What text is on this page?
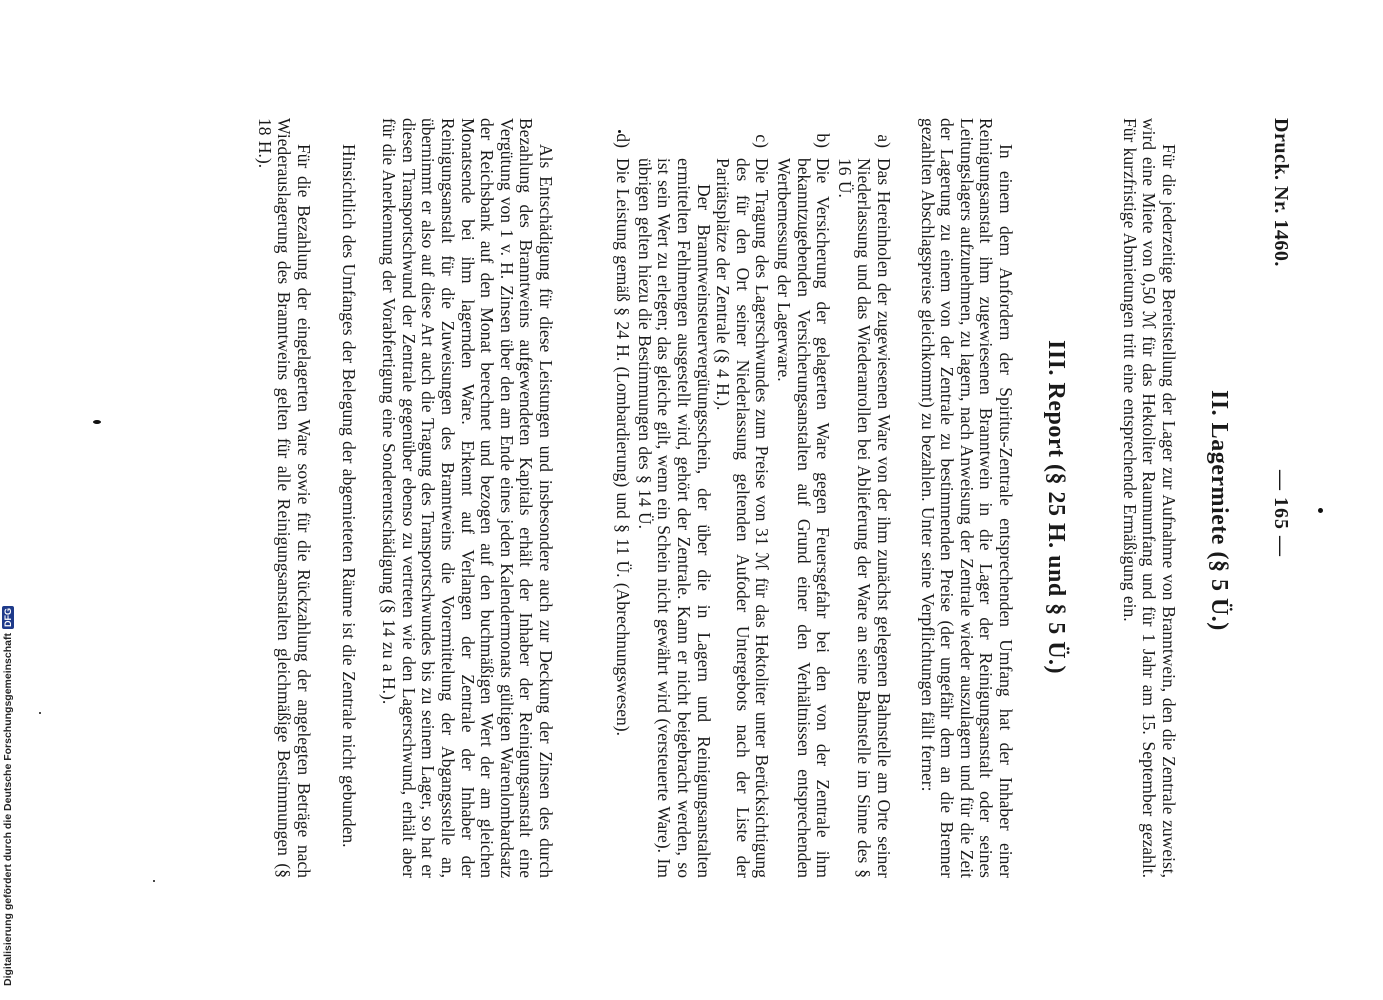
Druck. Nr. 1460.
— 165 —
II. Lagermiete (§ 5 Ü.)
Für die jederzeitige Bereitstellung der Lager zur Aufnahme von Branntwein, den die Zentrale zuweist, wird eine Miete von 0,50 ℳ für das Hektoliter Raumumfang und für 1 Jahr am 15. September gezahlt. Für kurzfristige Abmietungen tritt eine entsprechende Ermäßigung ein.
III. Report (§ 25 H. und § 5 Ü.)
In einem dem Anfordern der Spiritus-Zentrale entsprechenden Umfang hat der Inhaber einer Reinigungsanstalt ihm zugewiesenen Branntwein in die Lager der Reinigungsanstalt oder seines Leitungslagers aufzunehmen, zu lagern, nach Anweisung der Zentrale wieder auszulagern und für die Zeit der Lagerung zu einem von der Zentrale zu bestimmenden Preise (der ungefähr dem an die Brenner gezahlten Abschlagspreise gleichkommt) zu bezahlen. Unter seine Verpflichtungen fällt ferner:
a)
Das Hereinholen der zugewiesenen Ware von der ihm zunächst gelegenen Bahnstelle am Orte seiner Niederlassung und das Wiederanrollen bei Ablieferung der Ware an seine Bahnstelle im Sinne des § 16 Ü.
b)
Die Versicherung der gelagerten Ware gegen Feuersgefahr bei den von der Zentrale ihm bekanntzugebenden Versicherungsanstalten auf Grund einer den Verhältnissen entsprechenden Wertbemessung der Lagerware.
c)
Die Tragung des Lagerschwundes zum Preise von 31 ℳ für das Hektoliter unter Berücksichtigung des für den Ort seiner Niederlassung geltenden Aufoder Untergebots nach der Liste der Paritätsplätze der Zentrale (§ 4 H.).
Der Branntweinsteuervergütungsschein, der über die in Lagern und Reinigungsanstalten ermittelten Fehlmengen ausgestellt wird, gehört der Zentrale. Kann er nicht beigebracht werden, so ist sein Wert zu erlegen; das gleiche gilt, wenn ein Schein nicht gewährt wird (versteuerte Ware). Im übrigen gelten hiezu die Bestimmungen des § 14 Ü.
d)
Die Leistung gemäß § 24 H. (Lombardierung) und § 11 Ü. (Abrechnungswesen).
Als Entschädigung für diese Leistungen und insbesondere auch zur Deckung der Zinsen des durch Bezahlung des Branntweins aufgewendeten Kapitals erhält der Inhaber der Reinigungsanstalt eine Vergütung von 1 v. H. Zinsen über den am Ende eines jeden Kalendermonats gültigen Warenlombardsatz der Reichsbank auf den Monat berechnet und bezogen auf den buchmäßigen Wert der am gleichen Monatsende bei ihm lagernden Ware. Erkennt auf Verlangen der Zentrale der Inhaber der Reinigungsanstalt für die Zuweisungen des Branntweins die Vorermittelung der Abgangsstelle an, übernimmt er also auf diese Art auch die Tragung des Transportschwundes bis zu seinem Lager, so hat er diesen Transportschwund der Zentrale gegenüber ebenso zu vertreten wie den Lagerschwund, erhält aber für die Anerkennung der Vorabfertigung eine Sonderentschädigung (§ 14 zu a H.).
Hinsichtlich des Umfanges der Belegung der abgemieteten Räume ist die Zentrale nicht gebunden.
Für die Bezahlung der eingelagerten Ware sowie für die Rückzahlung der angelegten Beträge nach Wiederauslagerung des Branntweins gelten für alle Reinigungsanstalten gleichmäßige Bestimmungen (§ 18 H.).
Digitalisierung gefördert durch die Deutsche Forschungsgemeinschaft
DFG
